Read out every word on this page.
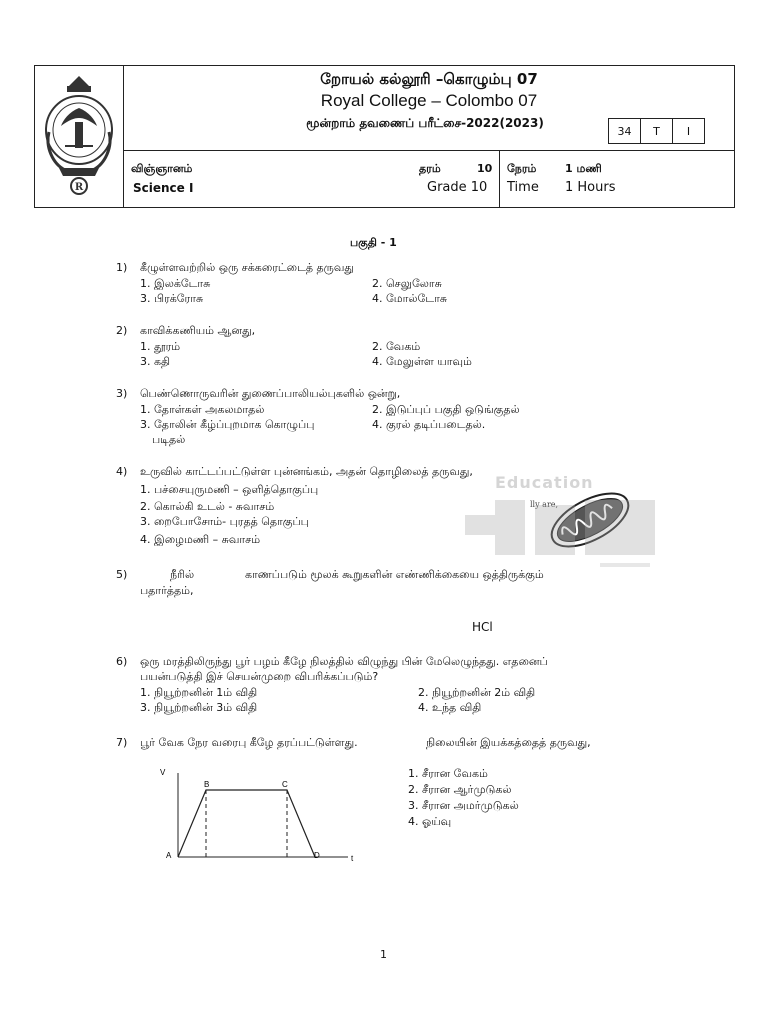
R
றோயல் கல்லூரி –கொழும்பு 07
Royal College – Colombo 07
மூன்றாம் தவணைப் பரீட்சை-2022(2023)
34	T	I
விஞ்ஞானம்
Science I
தரம்	10
Grade 10
நேரம்	1 மணி
Time 1 Hours
பகுதி - 1
1) கீழுள்ளவற்றில் ஒரு சக்கரைட்டைத் தருவது
1. இலக்டோசு	2. செலுலோசு
3. பிரக்ரோசு	4. மோல்டோசு
2) காவிக்கணியம் ஆனது,
1. தூரம்	2. வேகம்
3. கதி	4. மேலுள்ள யாவும்
3) பெண்ணொருவரின் துணைப்பாலியல்புகளில் ஒன்று,
1. தோள்கள் அகலமாதல்	2. இடுப்புப் பகுதி ஒடுங்குதல்
3. தோலின் கீழ்ப்புறமாக கொழுப்பு	4. குரல் தடிப்படைதல்.
படிதல்
4) உருவில் காட்டப்பட்டுள்ள புன்னங்கம், அதன் தொழிலைத் தருவது,
1. பச்சையுருமணி – ஒளித்தொகுப்பு
2. கொல்கி உடல் - சுவாசம்
3. றைபோசோம்- புரதத் தொகுப்பு
4. இழைமணி – சுவாசம்
lly are,
Education
5)	நீரில்	காணப்படும் மூலக் கூறுகளின் எண்ணிக்கையை ஒத்திருக்கும்
பதார்த்தம்,
HCl
6) ஒரு மரத்திலிருந்து பூர் பழம் கீழே நிலத்தில் விழுந்து பின் மேலெழுந்தது. எதனைப்
பயன்படுத்தி இச் செயன்முறை விபரிக்கப்படும்?
1. நியூற்றனின் 1ம் விதி	2. நியூற்றனின் 2ம் விதி
3. நியூற்றனின் 3ம் விதி	4. உந்த விதி
7) பூர் வேக நேர வரைபு கீழே தரப்பட்டுள்ளது.	நிலையின் இயக்கத்தைத் தருவது,
1. சீரான வேகம்
2. சீரான ஆர்முடுகல்
3. சீரான அமர்முடுகல்
4. ஓய்வு
V
t
A
B	C
D
1
